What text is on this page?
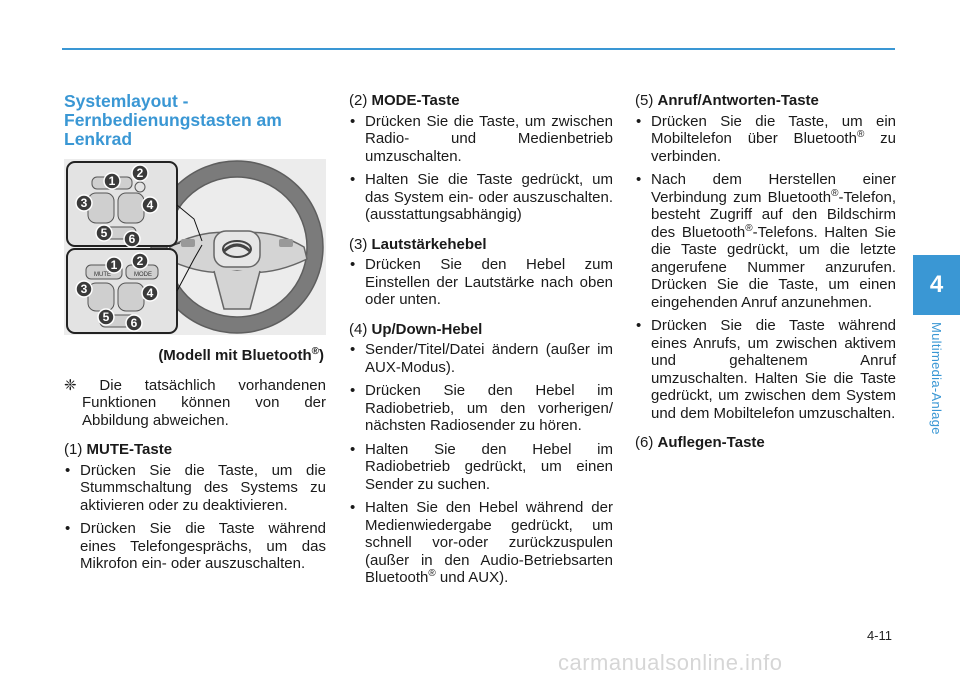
Systemlayout -
Fernbedienungstasten am
Lenkrad
MUTE	MODE
1
2
3	4
5 6
1 2
3	4
5 6
(Modell mit Bluetooth®)
❈ Die tatsächlich vorhandenen Funktionen können von der Abbildung abweichen.
(1) MUTE-Taste
• Drücken Sie die Taste, um die Stummschaltung des Systems zu aktivieren oder zu deaktivieren.
• Drücken Sie die Taste während eines Telefongesprächs, um das Mikrofon ein- oder auszuschalten.
(2) MODE-Taste
• Drücken Sie die Taste, um zwischen Radio- und Medienbetrieb umzuschalten.
• Halten Sie die Taste gedrückt, um das System ein- oder auszuschalten. (ausstattungsabhängig)
(3) Lautstärkehebel
• Drücken Sie den Hebel zum Einstellen der Lautstärke nach oben oder unten.
(4) Up/Down-Hebel
• Sender/Titel/Datei ändern (außer im AUX-Modus).
• Drücken Sie den Hebel im Radiobetrieb, um den vorherigen/ nächsten Radiosender zu hören.
• Halten Sie den Hebel im Radiobetrieb gedrückt, um einen Sender zu suchen.
• Halten Sie den Hebel während der Medienwiedergabe gedrückt, um schnell vor-oder zurückzuspulen (außer in den Audio-Betriebsarten Bluetooth® und AUX).
(5) Anruf/Antworten-Taste
• Drücken Sie die Taste, um ein Mobiltelefon über Bluetooth® zu verbinden.
• Nach dem Herstellen einer Verbindung zum Bluetooth®-Telefon, besteht Zugriff auf den Bildschirm des Bluetooth®-Telefons. Halten Sie die Taste gedrückt, um die letzte angerufene Nummer anzurufen. Drücken Sie die Taste, um einen eingehenden Anruf anzunehmen.
• Drücken Sie die Taste während eines Anrufs, um zwischen aktivem und gehaltenem Anruf umzuschalten. Halten Sie die Taste gedrückt, um zwischen dem System und dem Mobiltelefon umzuschalten.
(6) Auflegen-Taste
4
Multimedia-Anlage
4-11
carmanualsonline.info
